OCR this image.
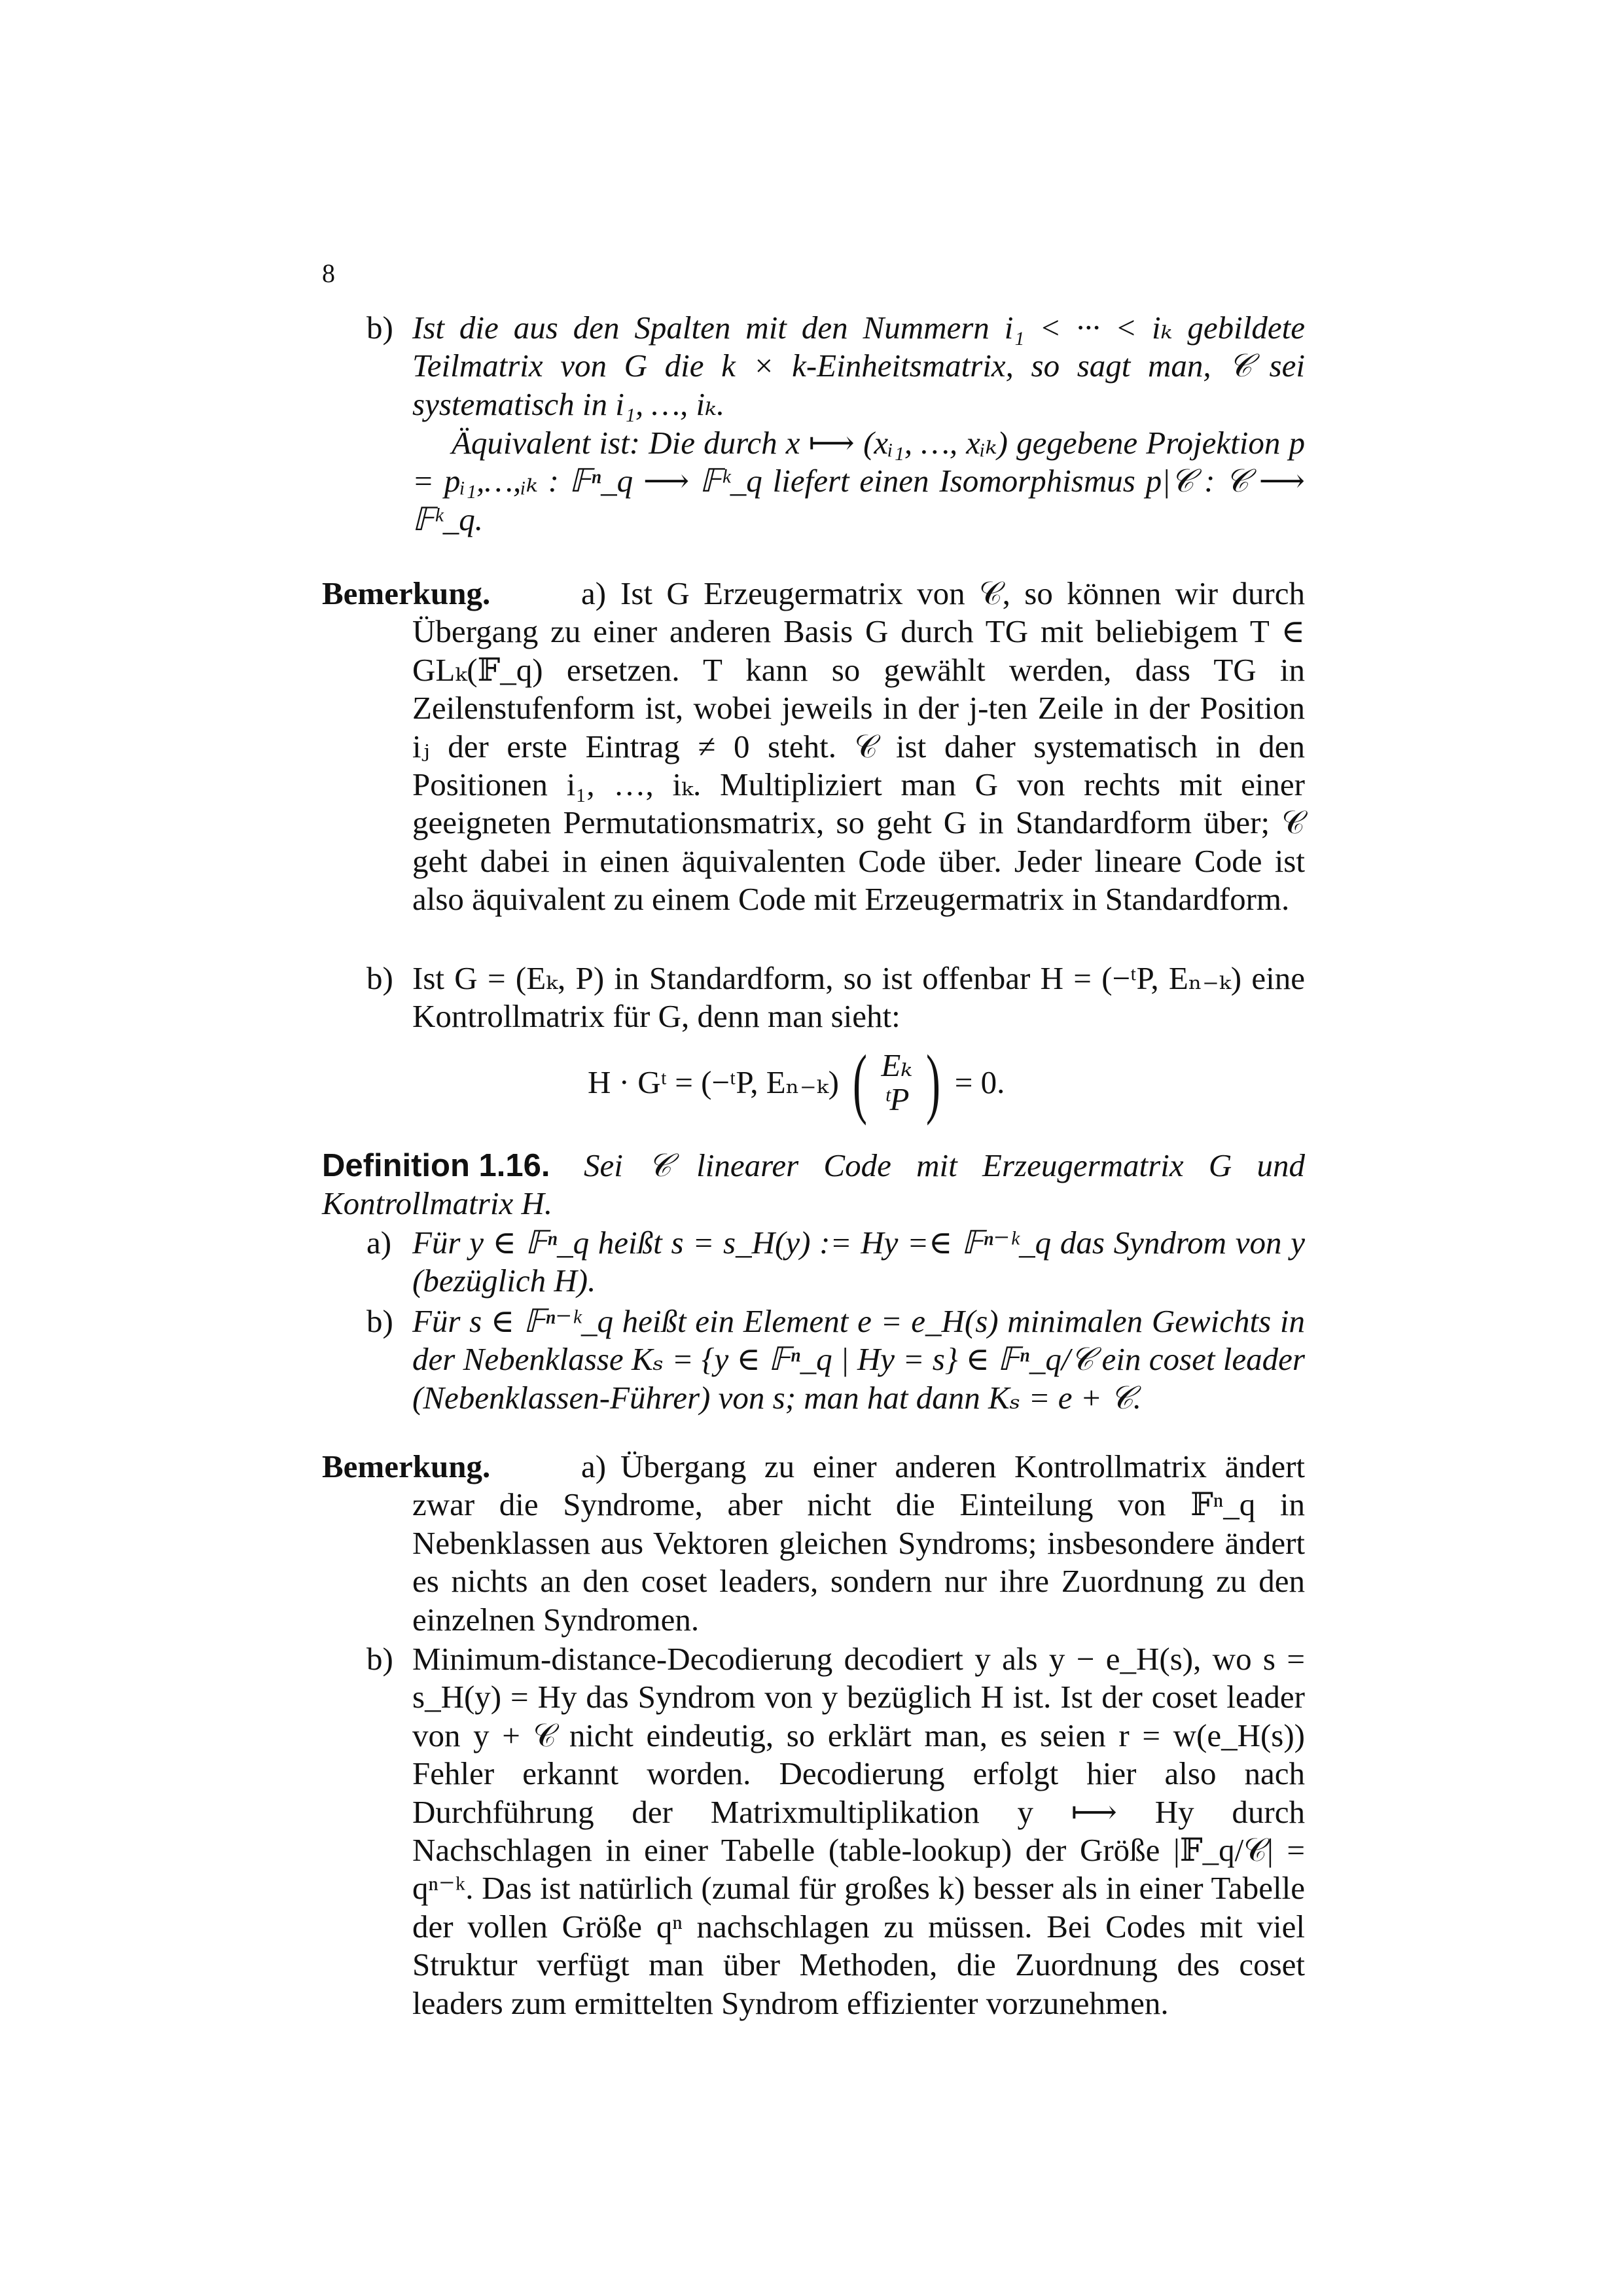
8
b) Ist die aus den Spalten mit den Nummern i₁ < ··· < iₖ gebildete Teilmatrix von G die k × k-Einheitsmatrix, so sagt man, 𝒞 sei systematisch in i₁, …, iₖ.
Äquivalent ist: Die durch x ⟼ (xᵢ₁, …, xᵢₖ) gegebene Projektion p = pᵢ₁,…,ᵢₖ : 𝔽ⁿ_q ⟶ 𝔽ᵏ_q liefert einen Isomorphismus p|𝒞 : 𝒞 ⟶ 𝔽ᵏ_q.
Bemerkung.	a) Ist G Erzeugermatrix von 𝒞, so können wir durch Übergang zu einer anderen Basis G durch TG mit beliebigem T ∈ GLₖ(𝔽_q) ersetzen. T kann so gewählt werden, dass TG in Zeilenstufenform ist, wobei jeweils in der j-ten Zeile in der Position iⱼ der erste Eintrag ≠ 0 steht. 𝒞 ist daher systematisch in den Positionen i₁, …, iₖ. Multipliziert man G von rechts mit einer geeigneten Permutationsmatrix, so geht G in Standardform über; 𝒞 geht dabei in einen äquivalenten Code über. Jeder lineare Code ist also äquivalent zu einem Code mit Erzeugermatrix in Standardform.
b) Ist G = (Eₖ, P) in Standardform, so ist offenbar H = (−ᵗP, Eₙ₋ₖ) eine Kontrollmatrix für G, denn man sieht:
H · Gᵗ = (−ᵗP, Eₙ₋ₖ) ( Eₖ
ᵗP ) = 0.
Definition 1.16.	Sei 𝒞 linearer Code mit Erzeugermatrix G und Kontrollmatrix H.
a) Für y ∈ 𝔽ⁿ_q heißt s = s_H(y) := Hy =∈ 𝔽ⁿ⁻ᵏ_q das Syndrom von y (bezüglich H).
b) Für s ∈ 𝔽ⁿ⁻ᵏ_q heißt ein Element e = e_H(s) minimalen Gewichts in der Nebenklasse Kₛ = {y ∈ 𝔽ⁿ_q | Hy = s} ∈ 𝔽ⁿ_q/𝒞 ein coset leader (Nebenklassen-Führer) von s; man hat dann Kₛ = e + 𝒞.
Bemerkung.	a) Übergang zu einer anderen Kontrollmatrix ändert zwar die Syndrome, aber nicht die Einteilung von 𝔽ⁿ_q in Nebenklassen aus Vektoren gleichen Syndroms; insbesondere ändert es nichts an den coset leaders, sondern nur ihre Zuordnung zu den einzelnen Syndromen.
b) Minimum-distance-Decodierung decodiert y als y − e_H(s), wo s = s_H(y) = Hy das Syndrom von y bezüglich H ist. Ist der coset leader von y + 𝒞 nicht eindeutig, so erklärt man, es seien r = w(e_H(s)) Fehler erkannt worden. Decodierung erfolgt hier also nach Durchführung der Matrixmultiplikation y ⟼ Hy durch Nachschlagen in einer Tabelle (table-lookup) der Größe |𝔽_q/𝒞| = qⁿ⁻ᵏ. Das ist natürlich (zumal für großes k) besser als in einer Tabelle der vollen Größe qⁿ nachschlagen zu müssen. Bei Codes mit viel Struktur verfügt man über Methoden, die Zuordnung des coset leaders zum ermittelten Syndrom effizienter vorzunehmen.
